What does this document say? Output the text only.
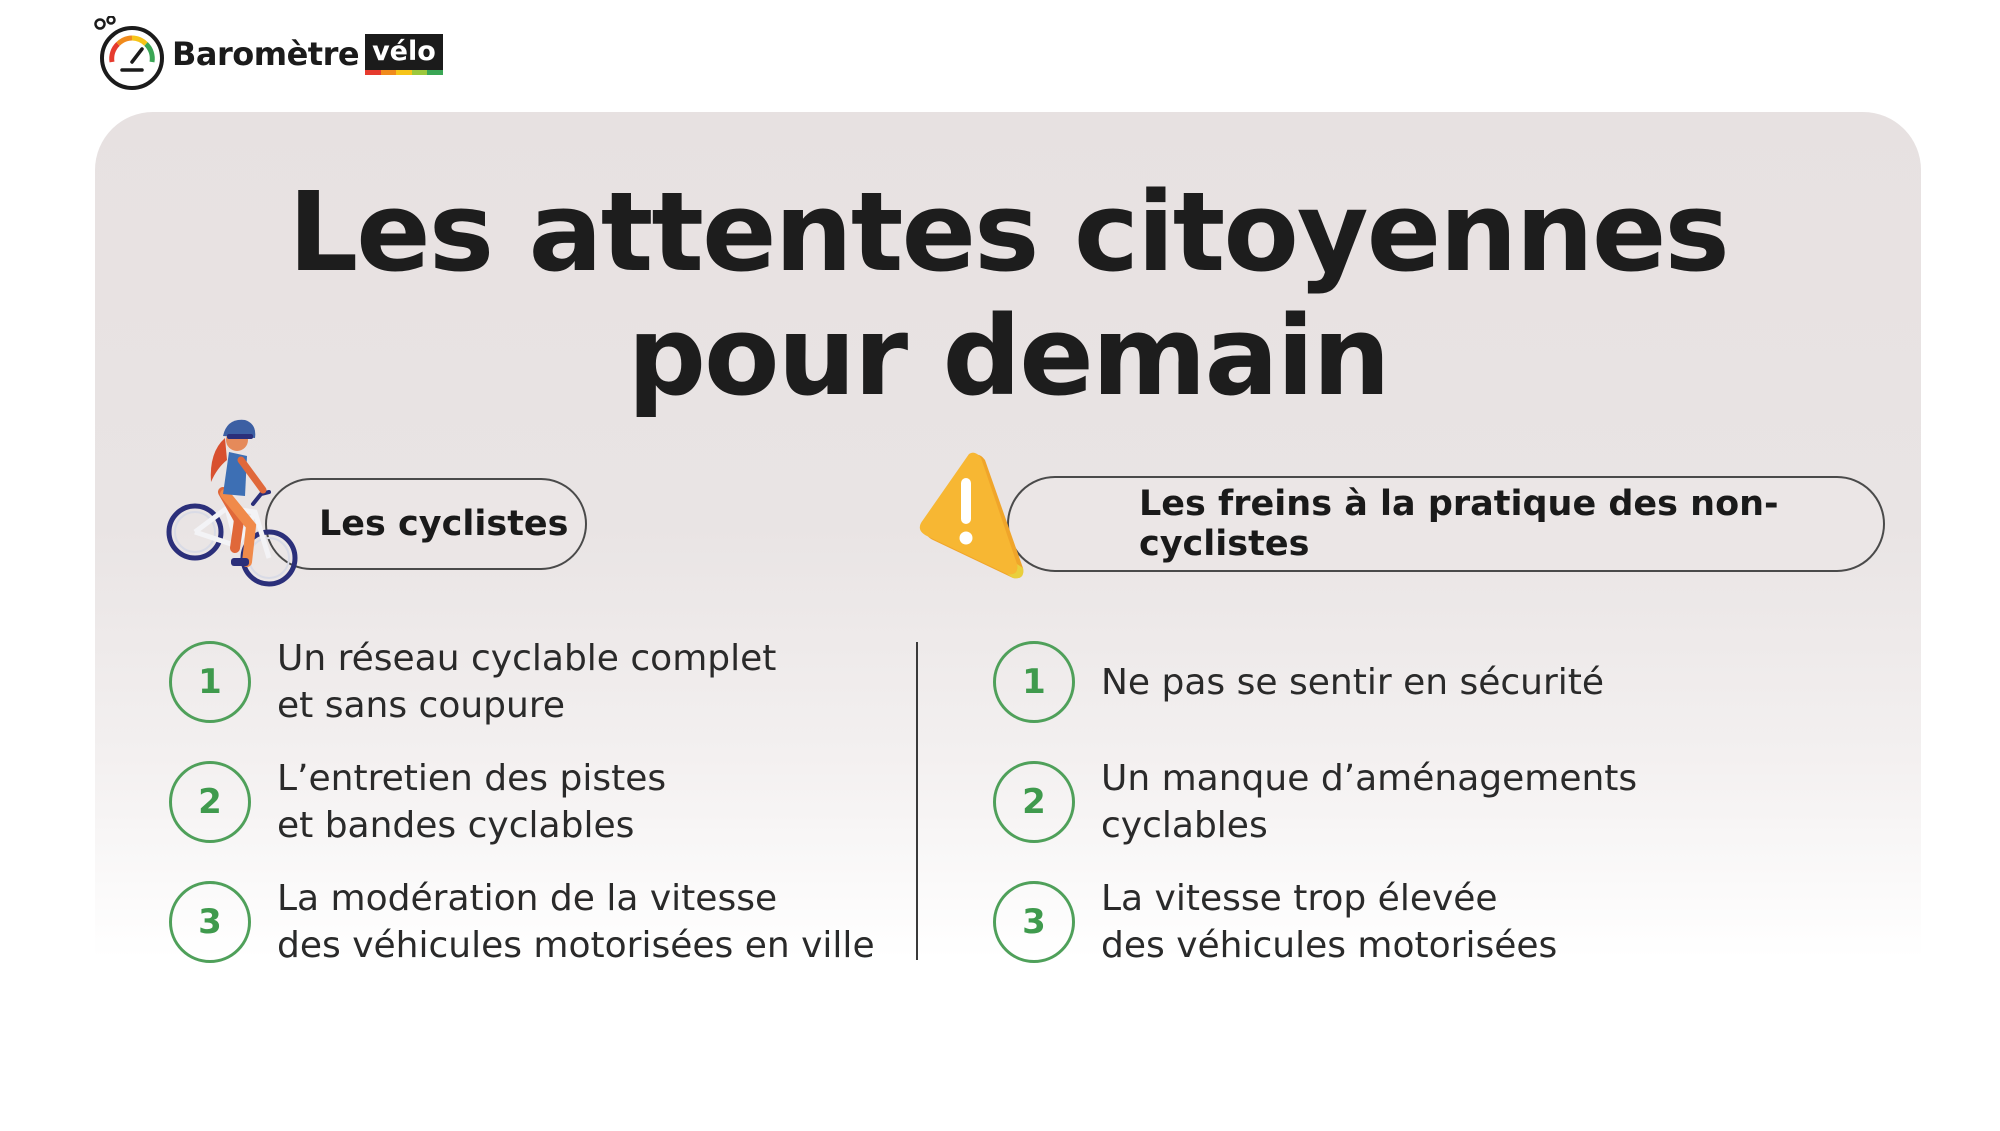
Baromètre vélo
Les attentes citoyennes
pour demain
Les cyclistes	Les freins à la pratique des non-cyclistes
1
Un réseau cyclable complet
et sans coupure
2
L’entretien des pistes
et bandes cyclables
3
La modération de la vitesse
des véhicules motorisées en ville
1	Ne pas se sentir en sécurité
2
Un manque d’aménagements
cyclables
3
La vitesse trop élevée
des véhicules motorisées
